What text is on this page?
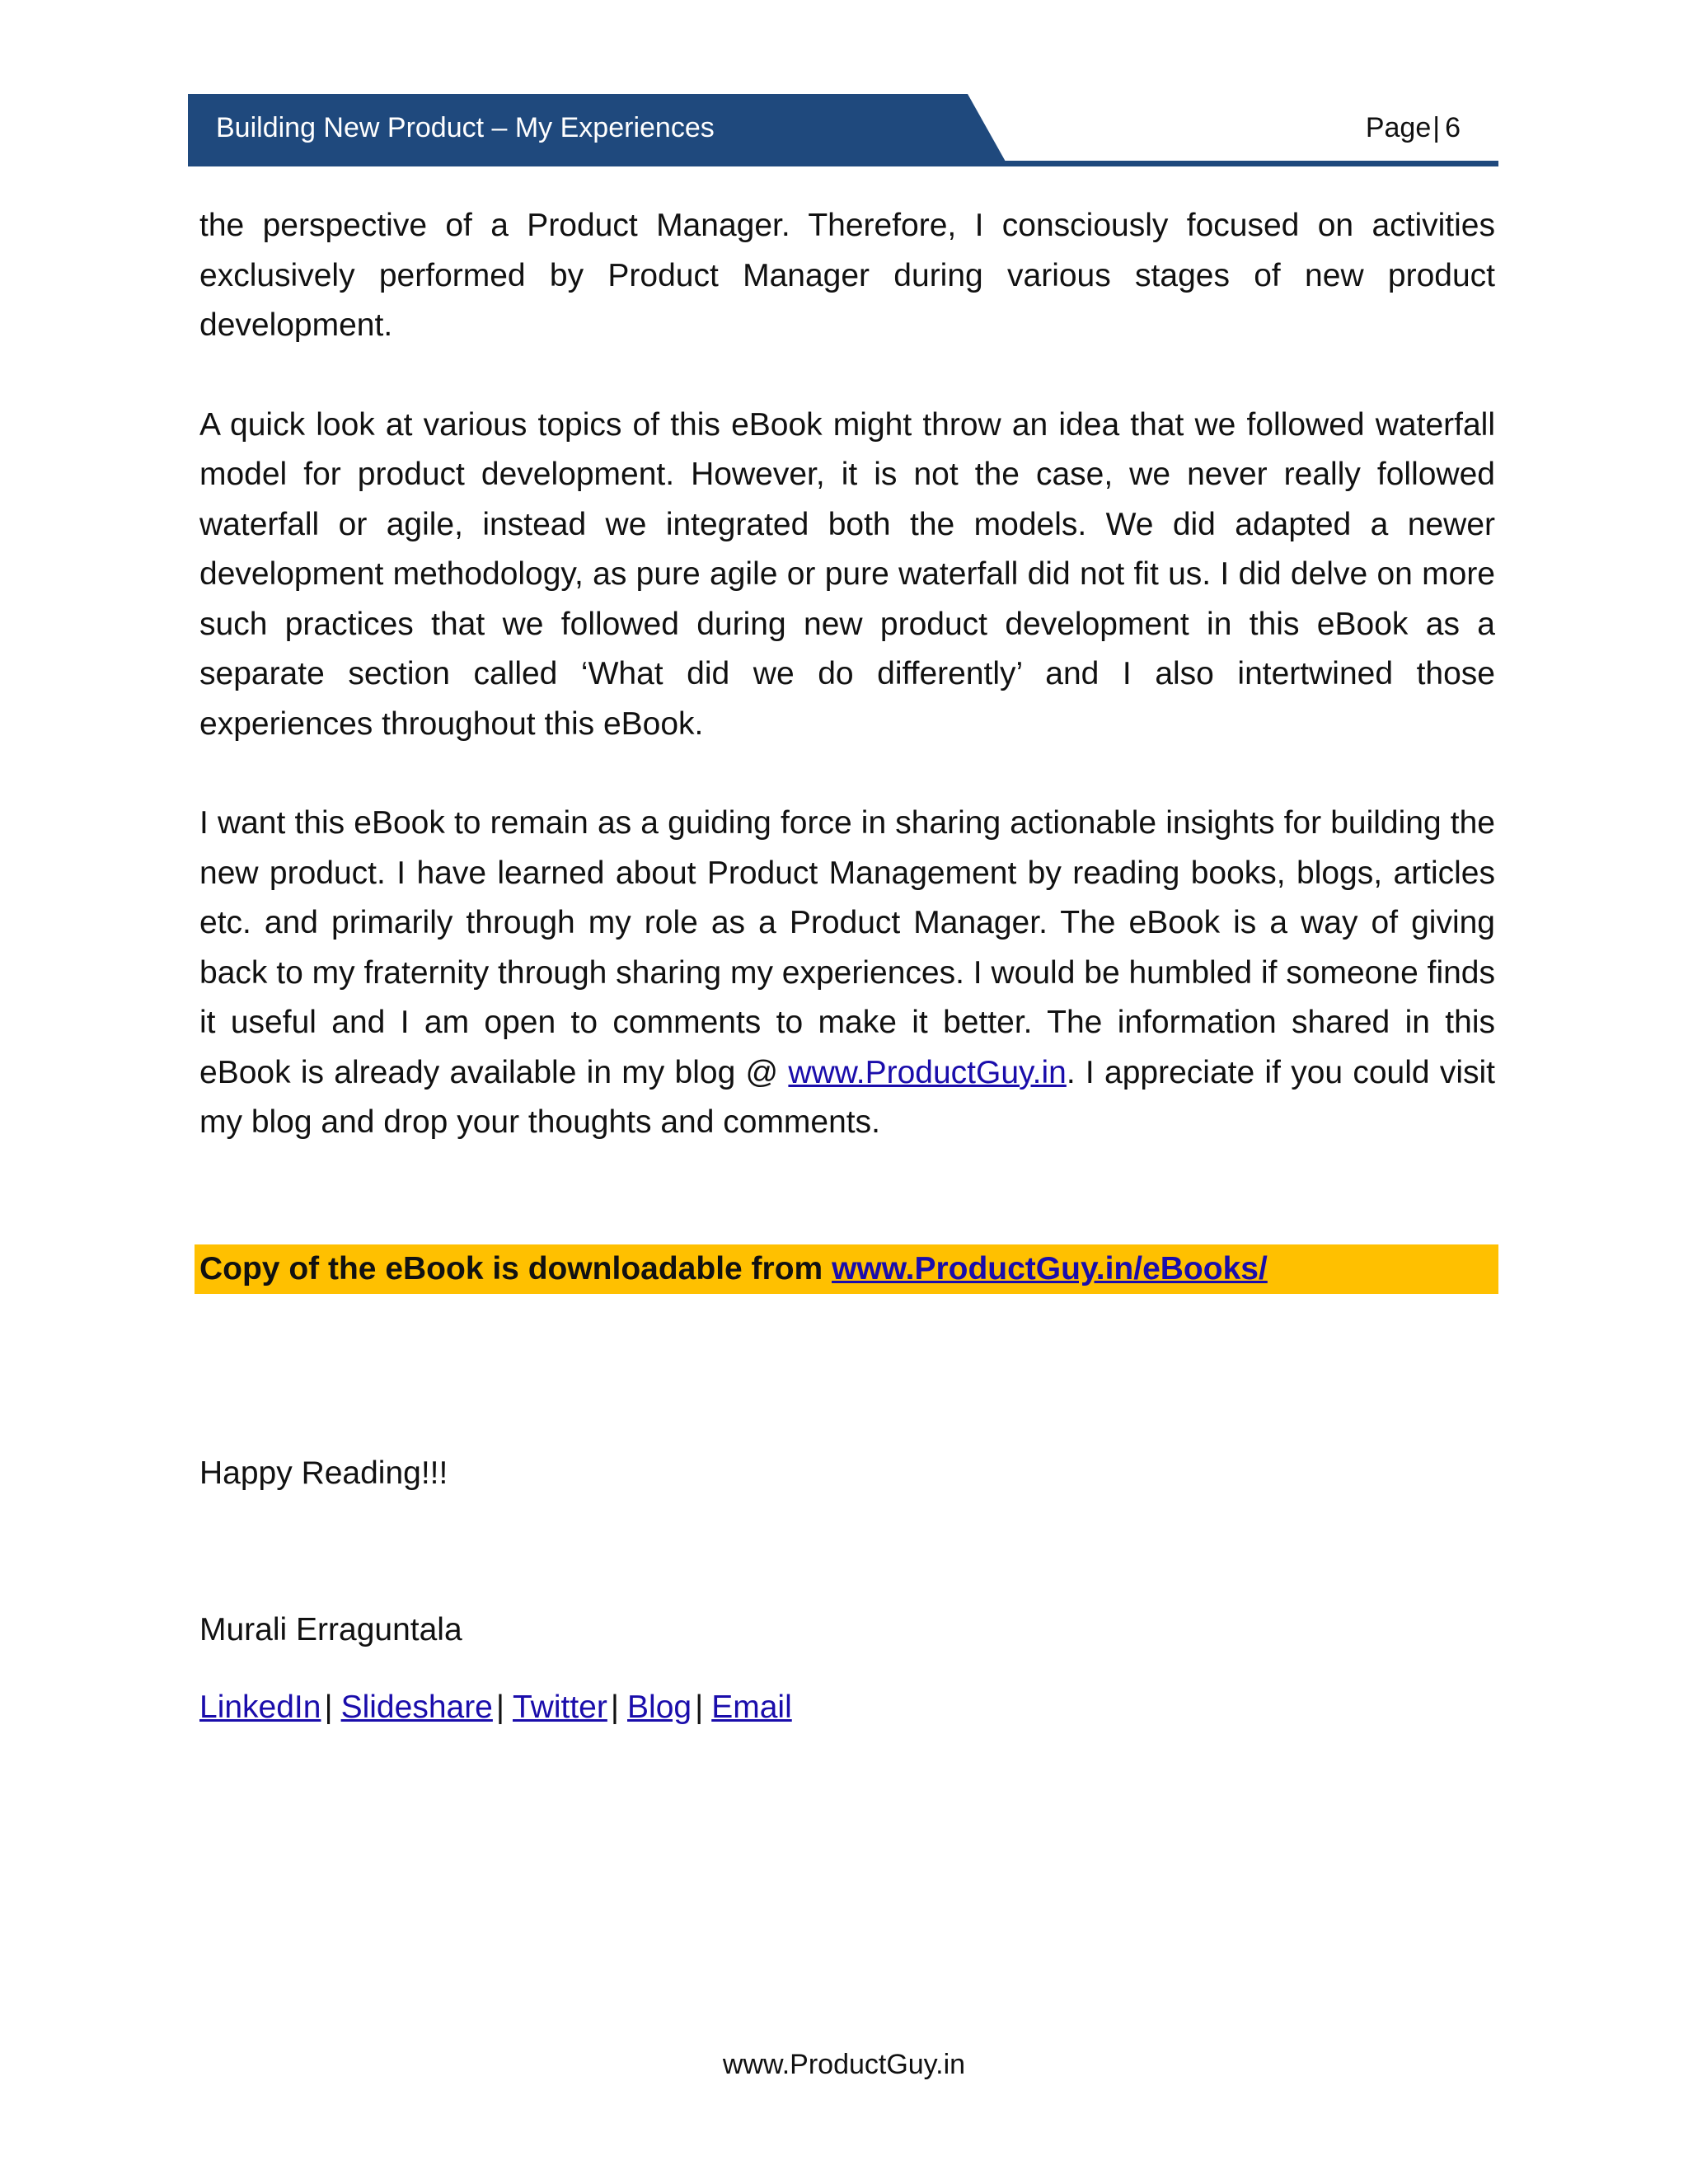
Building New Product – My Experiences	Page| 6

the perspective of a Product Manager. Therefore, I consciously focused on activities exclusively performed by Product Manager during various stages of new product development.

A quick look at various topics of this eBook might throw an idea that we followed waterfall model for product development. However, it is not the case, we never really followed waterfall or agile, instead we integrated both the models. We did adapted a newer development methodology, as pure agile or pure waterfall did not fit us. I did delve on more such practices that we followed during new product development in this eBook as a separate section called ‘What did we do differently’ and I also intertwined those experiences throughout this eBook.

I want this eBook to remain as a guiding force in sharing actionable insights for building the new product. I have learned about Product Management by reading books, blogs, articles etc. and primarily through my role as a Product Manager. The eBook is a way of giving back to my fraternity through sharing my experiences. I would be humbled if someone finds it useful and I am open to comments to make it better. The information shared in this eBook is already available in my blog @ www.ProductGuy.in. I appreciate if you could visit my blog and drop your thoughts and comments.

Copy of the eBook is downloadable from www.ProductGuy.in/eBooks/
Happy Reading!!!
Murali Erraguntala
LinkedIn | Slideshare | Twitter | Blog | Email
www.ProductGuy.in
